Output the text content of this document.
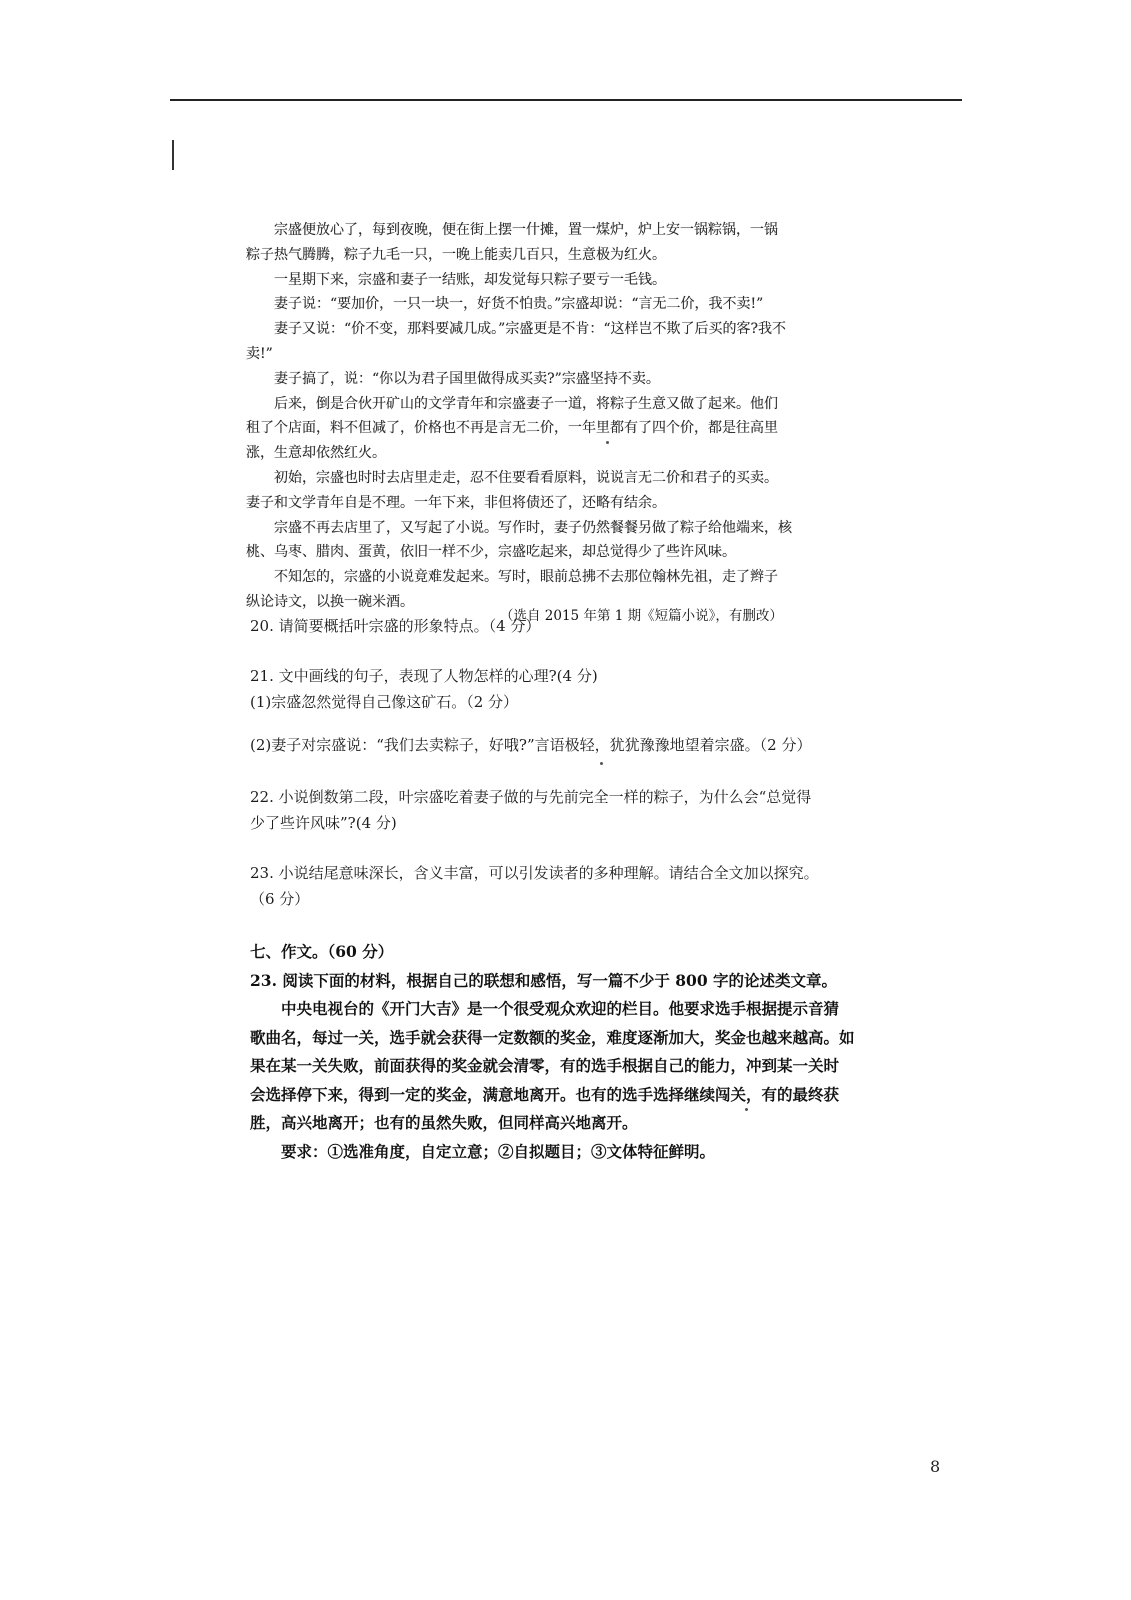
宗盛便放心了，每到夜晚，便在街上摆一什摊，置一煤炉，炉上安一锅粽锅，一锅

粽子热气腾腾，粽子九毛一只，一晚上能卖几百只，生意极为红火。

一星期下来，宗盛和妻子一结账，却发觉每只粽子要亏一毛钱。

妻子说：“要加价，一只一块一，好货不怕贵。”宗盛却说：“言无二价，我不卖!”

妻子又说：“价不变，那料要减几成。”宗盛更是不肯：“这样岂不欺了后买的客?我不

卖!”

妻子搞了，说：“你以为君子国里做得成买卖?”宗盛坚持不卖。

后来，倒是合伙开矿山的文学青年和宗盛妻子一道，将粽子生意又做了起来。他们

租了个店面，料不但减了，价格也不再是言无二价，一年里都有了四个价，都是往高里

涨，生意却依然红火。

初始，宗盛也时时去店里走走，忍不住要看看原料，说说言无二价和君子的买卖。

妻子和文学青年自是不理。一年下来，非但将债还了，还略有结余。

宗盛不再去店里了，又写起了小说。写作时，妻子仍然餐餐另做了粽子给他端来，核

桃、乌枣、腊肉、蛋黄，依旧一样不少，宗盛吃起来，却总觉得少了些许风味。

不知怎的，宗盛的小说竟难发起来。写时，眼前总拂不去那位翰林先祖，走了辫子

纵论诗文，以换一碗米酒。

（选自 2015 年第 1 期《短篇小说》，有删改）
20. 请简要概括叶宗盛的形象特点。（4 分）
21. 文中画线的句子，表现了人物怎样的心理?(4 分)
(1)宗盛忽然觉得自己像这矿石。（2 分）
(2)妻子对宗盛说：“我们去卖粽子，好哦?”言语极轻，犹犹豫豫地望着宗盛。（2 分）
22. 小说倒数第二段，叶宗盛吃着妻子做的与先前完全一样的粽子，为什么会“总觉得
少了些许风味”?(4 分)
23. 小说结尾意味深长，含义丰富，可以引发读者的多种理解。请结合全文加以探究。
（6 分）
七、作文。（60 分）
23. 阅读下面的材料，根据自己的联想和感悟，写一篇不少于 800 字的论述类文章。
中央电视台的《开门大吉》是一个很受观众欢迎的栏目。他要求选手根据提示音猜
歌曲名，每过一关，选手就会获得一定数额的奖金，难度逐渐加大，奖金也越来越高。如
果在某一关失败，前面获得的奖金就会清零，有的选手根据自己的能力，冲到某一关时
会选择停下来，得到一定的奖金，满意地离开。也有的选手选择继续闯关，有的最终获
胜，高兴地离开；也有的虽然失败，但同样高兴地离开。
要求：①选准角度，自定立意；②自拟题目；③文体特征鲜明。
8
